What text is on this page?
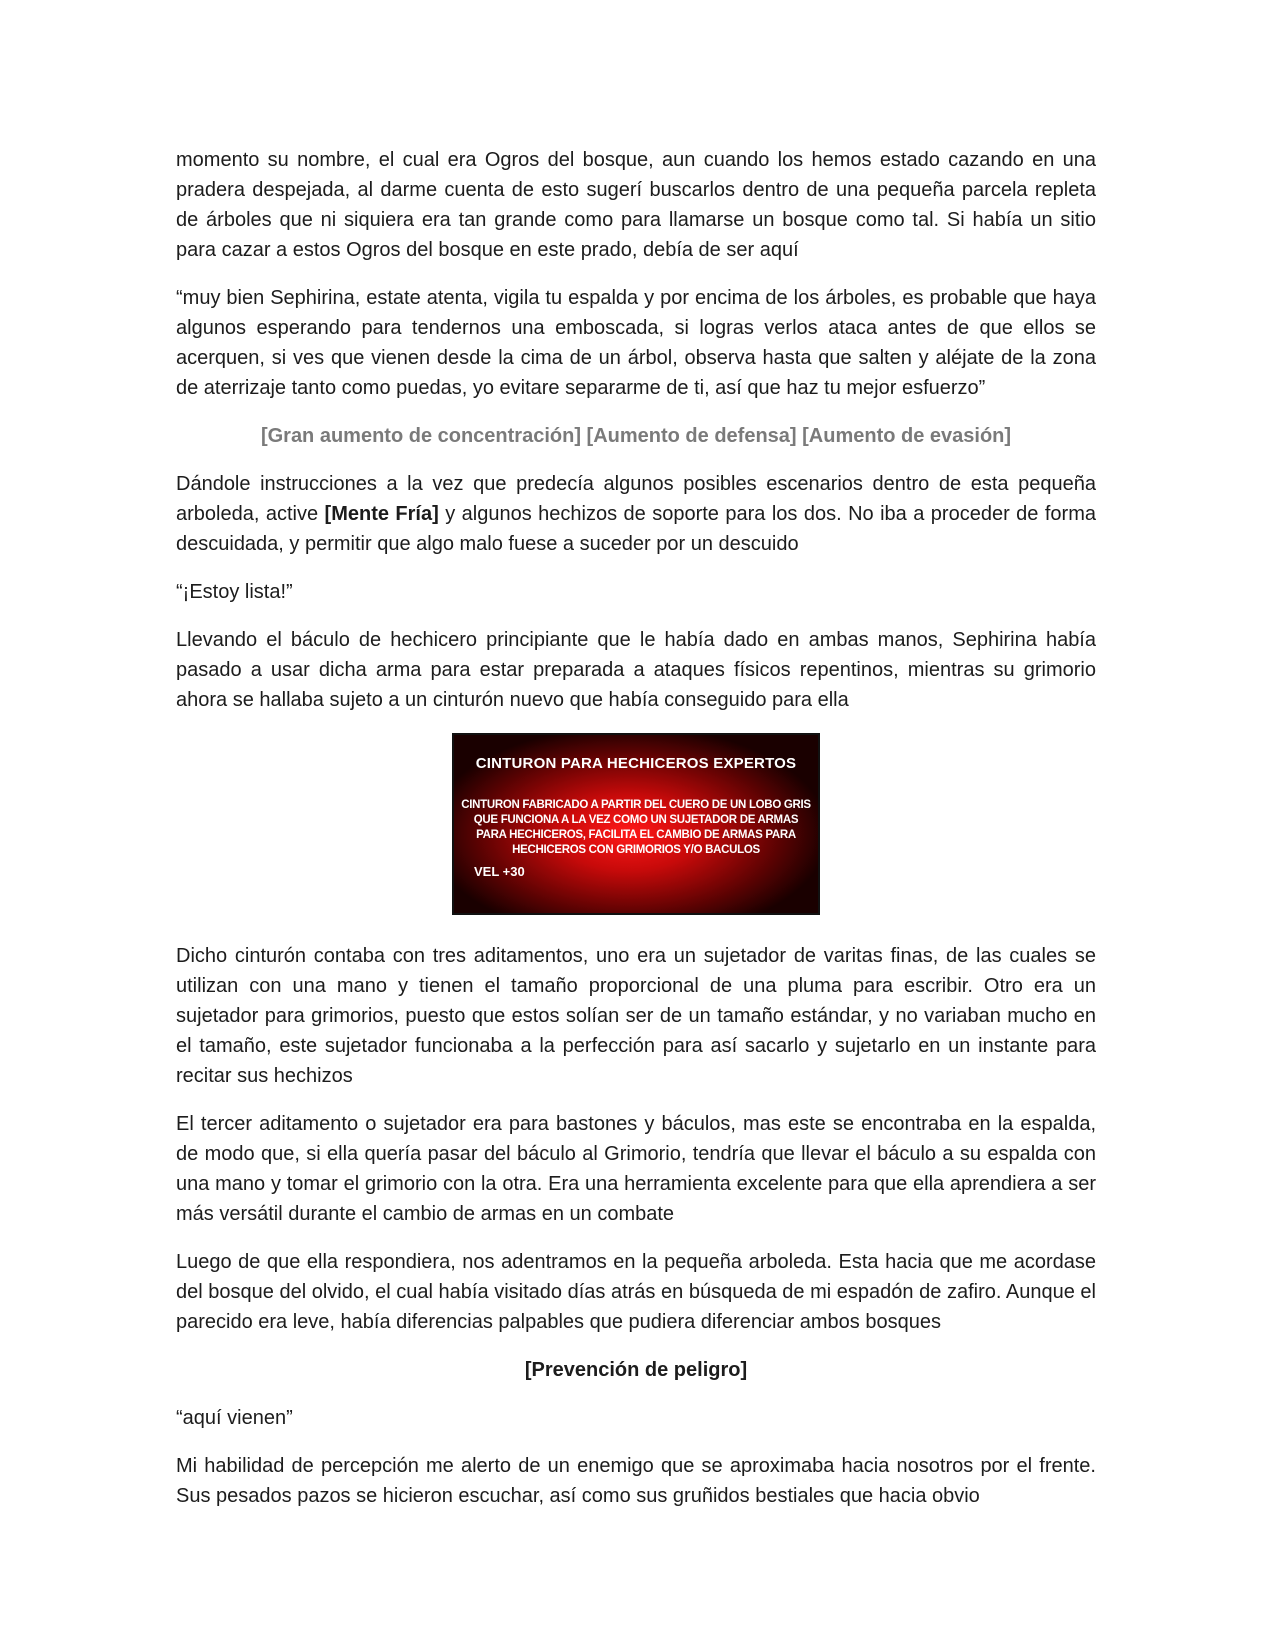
momento su nombre, el cual era Ogros del bosque, aun cuando los hemos estado cazando en una pradera despejada, al darme cuenta de esto sugerí buscarlos dentro de una pequeña parcela repleta de árboles que ni siquiera era tan grande como para llamarse un bosque como tal. Si había un sitio para cazar a estos Ogros del bosque en este prado, debía de ser aquí

“muy bien Sephirina, estate atenta, vigila tu espalda y por encima de los árboles, es probable que haya algunos esperando para tendernos una emboscada, si logras verlos ataca antes de que ellos se acerquen, si ves que vienen desde la cima de un árbol, observa hasta que salten y aléjate de la zona de aterrizaje tanto como puedas, yo evitare separarme de ti, así que haz tu mejor esfuerzo”

[Gran aumento de concentración] [Aumento de defensa] [Aumento de evasión]

Dándole instrucciones a la vez que predecía algunos posibles escenarios dentro de esta pequeña arboleda, active [Mente Fría] y algunos hechizos de soporte para los dos. No iba a proceder de forma descuidada, y permitir que algo malo fuese a suceder por un descuido

“¡Estoy lista!”

Llevando el báculo de hechicero principiante que le había dado en ambas manos, Sephirina había pasado a usar dicha arma para estar preparada a ataques físicos repentinos, mientras su grimorio ahora se hallaba sujeto a un cinturón nuevo que había conseguido para ella

CINTURON PARA HECHICEROS EXPERTOS
CINTURON FABRICADO A PARTIR DEL CUERO DE UN LOBO GRIS QUE FUNCIONA A LA VEZ COMO UN SUJETADOR DE ARMAS PARA HECHICEROS, FACILITA EL CAMBIO DE ARMAS PARA HECHICEROS CON GRIMORIOS Y/O BACULOS
VEL +30

Dicho cinturón contaba con tres aditamentos, uno era un sujetador de varitas finas, de las cuales se utilizan con una mano y tienen el tamaño proporcional de una pluma para escribir. Otro era un sujetador para grimorios, puesto que estos solían ser de un tamaño estándar, y no variaban mucho en el tamaño, este sujetador funcionaba a la perfección para así sacarlo y sujetarlo en un instante para recitar sus hechizos

El tercer aditamento o sujetador era para bastones y báculos, mas este se encontraba en la espalda, de modo que, si ella quería pasar del báculo al Grimorio, tendría que llevar el báculo a su espalda con una mano y tomar el grimorio con la otra. Era una herramienta excelente para que ella aprendiera a ser más versátil durante el cambio de armas en un combate

Luego de que ella respondiera, nos adentramos en la pequeña arboleda. Esta hacia que me acordase del bosque del olvido, el cual había visitado días atrás en búsqueda de mi espadón de zafiro. Aunque el parecido era leve, había diferencias palpables que pudiera diferenciar ambos bosques

[Prevención de peligro]

“aquí vienen”

Mi habilidad de percepción me alerto de un enemigo que se aproximaba hacia nosotros por el frente. Sus pesados pazos se hicieron escuchar, así como sus gruñidos bestiales que hacia obvio
